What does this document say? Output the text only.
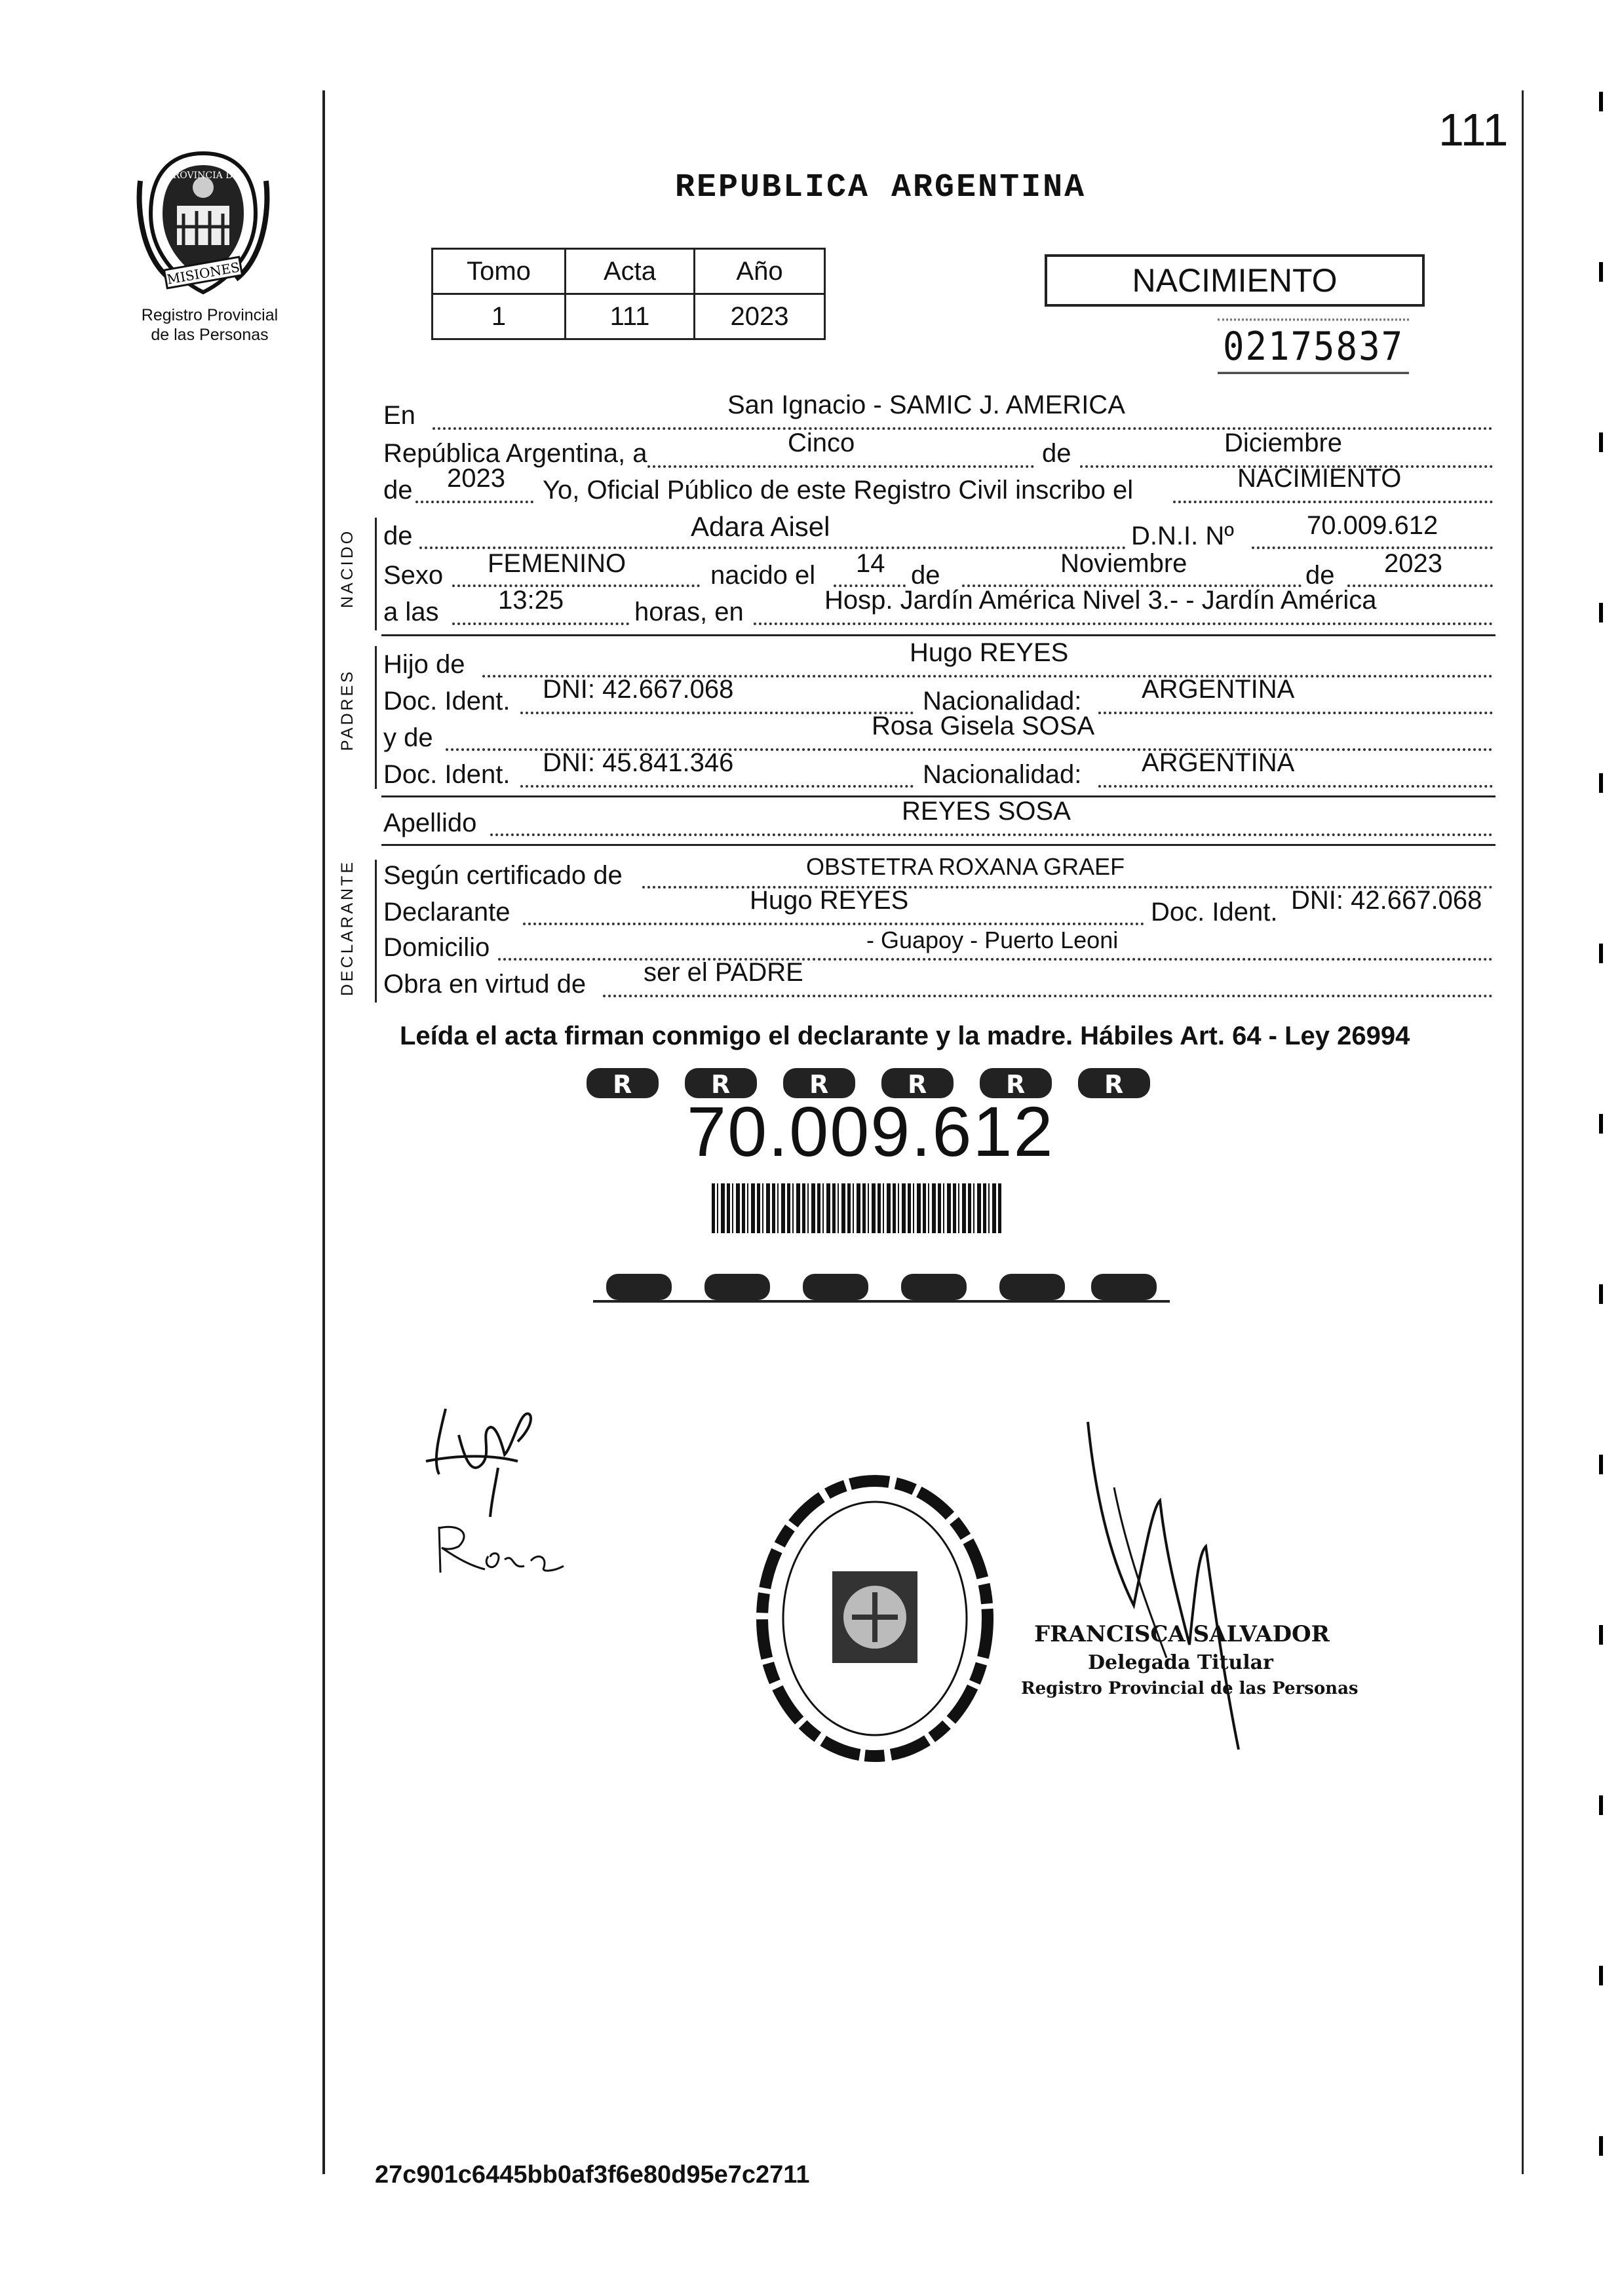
111
REPUBLICA ARGENTINA
PROVINCIA DE
MISIONES
Registro Provincial
de las Personas
Tomo	Acta	Año
1	111	2023
NACIMIENTO
02175837
En	San Ignacio - SAMIC J. AMERICA
República Argentina, a	Cinco	de	Diciembre
de 2023 Yo, Oficial Público de este Registro Civil inscribo el	NACIMIENTO
NACIDO de	Adara Aisel	D.N.I. Nº	70.009.612
Sexo FEMENINO	nacido el 14 de	Noviembre	de 2023
a las 13:25	horas, en	Hosp. Jardín América Nivel 3.- - Jardín América
PADRES
Hijo de	Hugo REYES
Doc. Ident. DNI: 42.667.068	Nacionalidad: ARGENTINA
y de	Rosa Gisela SOSA
Doc. Ident. DNI: 45.841.346	Nacionalidad: ARGENTINA
Apellido	REYES SOSA
DECLARANTE Según certificado de	OBSTETRA ROXANA GRAEF
Declarante	Hugo REYES	Doc. Ident. DNI: 42.667.068
Domicilio	- Guapoy - Puerto Leoni
Obra en virtud de ser el PADRE
Leída el acta firman conmigo el declarante y la madre. Hábiles Art. 64 - Ley 26994
R	R	R	R	R	R
70.009.612
FRANCISCA SALVADOR
Delegada Titular
Registro Provincial de las Personas
27c901c6445bb0af3f6e80d95e7c2711
